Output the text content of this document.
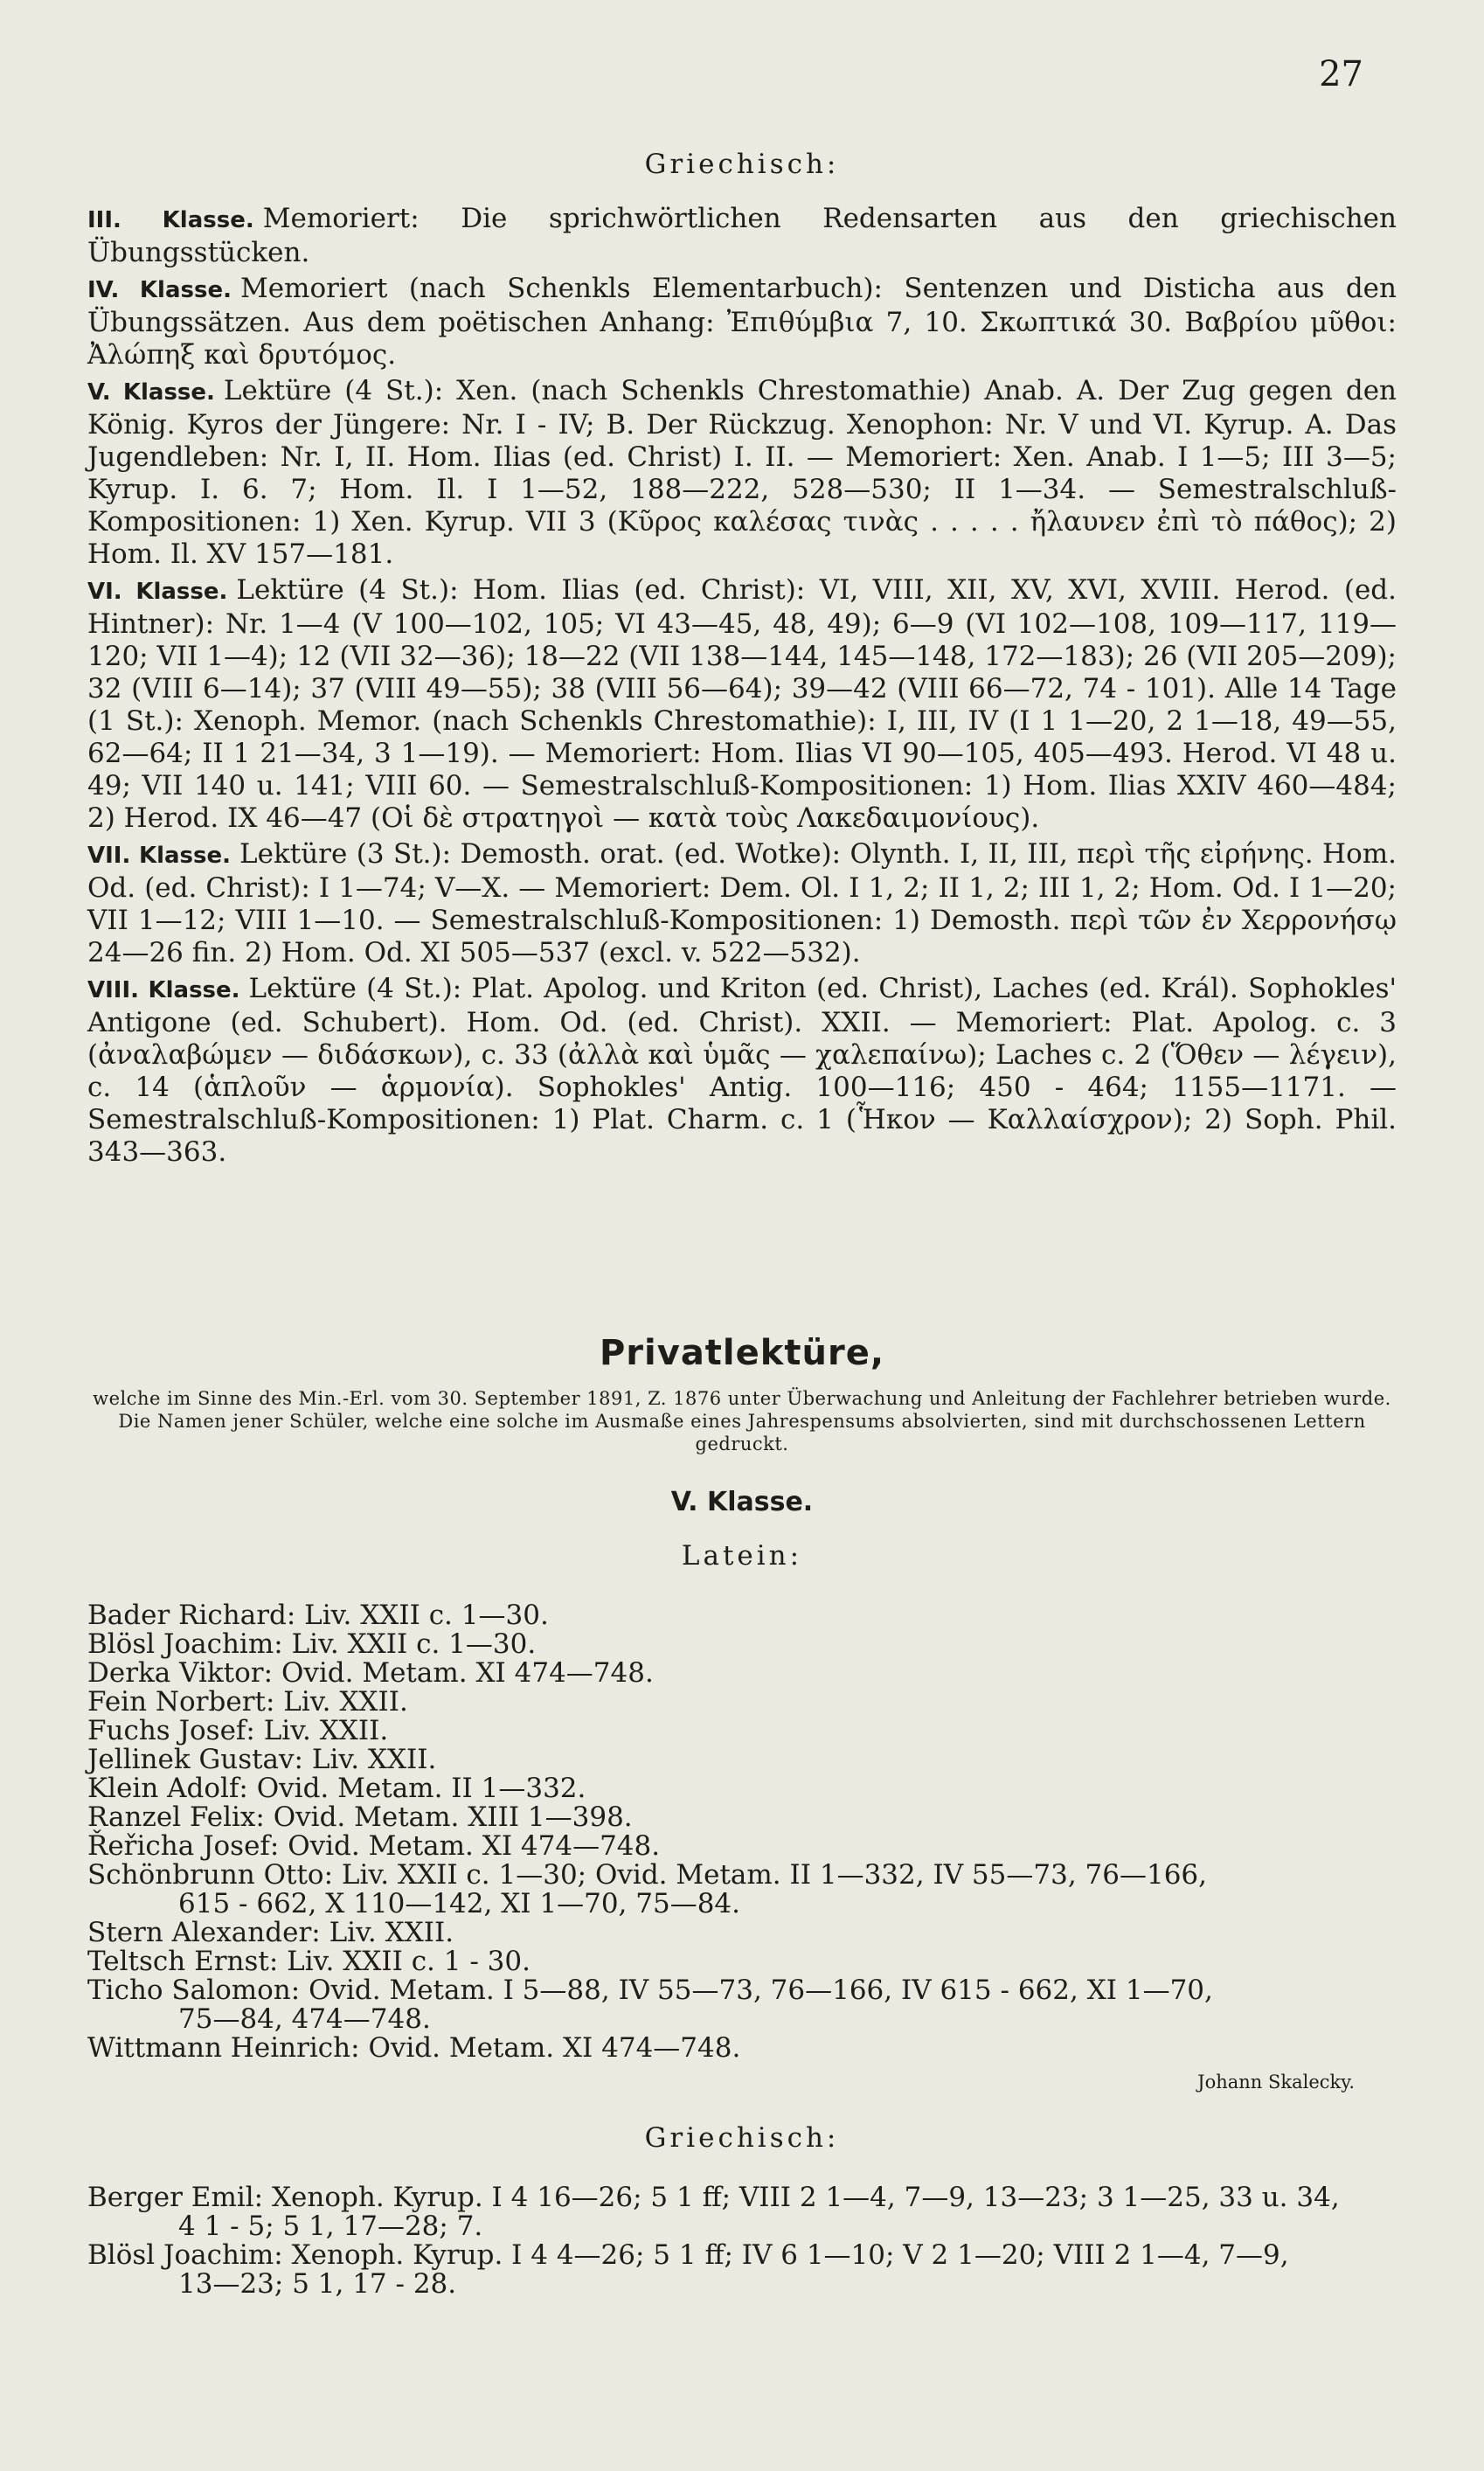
27
Griechisch:

III. Klasse. Memoriert: Die sprichwörtlichen Redensarten aus den griechischen Übungsstücken.

IV. Klasse. Memoriert (nach Schenkls Elementarbuch): Sentenzen und Disticha aus den Übungssätzen. Aus dem poëtischen Anhang: Ἐπιθύμβια 7, 10. Σκωπτικά 30. Βαβρίου μῦθοι: Ἀλώπηξ καὶ δρυτόμος.

V. Klasse. Lektüre (4 St.): Xen. (nach Schenkls Chrestomathie) Anab. A. Der Zug gegen den König. Kyros der Jüngere: Nr. I - IV; B. Der Rückzug. Xenophon: Nr. V und VI. Kyrup. A. Das Jugendleben: Nr. I, II. Hom. Ilias (ed. Christ) I. II. — Memoriert: Xen. Anab. I 1—5; III 3—5; Kyrup. I. 6. 7; Hom. Il. I 1—52, 188—222, 528—530; II 1—34. — Semestralschluß-Kompositionen: 1) Xen. Kyrup. VII 3 (Κῦρος καλέσας τινὰς . . . . . ἤλαυνεν ἐπὶ τὸ πάθος); 2) Hom. Il. XV 157—181.

VI. Klasse. Lektüre (4 St.): Hom. Ilias (ed. Christ): VI, VIII, XII, XV, XVI, XVIII. Herod. (ed. Hintner): Nr. 1—4 (V 100—102, 105; VI 43—45, 48, 49); 6—9 (VI 102—108, 109—117, 119—120; VII 1—4); 12 (VII 32—36); 18—22 (VII 138—144, 145—148, 172—183); 26 (VII 205—209); 32 (VIII 6—14); 37 (VIII 49—55); 38 (VIII 56—64); 39—42 (VIII 66—72, 74 - 101). Alle 14 Tage (1 St.): Xenoph. Memor. (nach Schenkls Chrestomathie): I, III, IV (I 1 1—20, 2 1—18, 49—55, 62—64; II 1 21—34, 3 1—19). — Memoriert: Hom. Ilias VI 90—105, 405—493. Herod. VI 48 u. 49; VII 140 u. 141; VIII 60. — Semestralschluß-Kompositionen: 1) Hom. Ilias XXIV 460—484; 2) Herod. IX 46—47 (Οἱ δὲ στρατηγοὶ — κατὰ τοὺς Λακεδαιμονίους).

VII. Klasse. Lektüre (3 St.): Demosth. orat. (ed. Wotke): Olynth. I, II, III, περὶ τῆς εἰρήνης. Hom. Od. (ed. Christ): I 1—74; V—X. — Memoriert: Dem. Ol. I 1, 2; II 1, 2; III 1, 2; Hom. Od. I 1—20; VII 1—12; VIII 1—10. — Semestralschluß-Kompositionen: 1) Demosth. περὶ τῶν ἐν Χερρονήσῳ 24—26 fin. 2) Hom. Od. XI 505—537 (excl. v. 522—532).

VIII. Klasse. Lektüre (4 St.): Plat. Apolog. und Kriton (ed. Christ), Laches (ed. Král). Sophokles' Antigone (ed. Schubert). Hom. Od. (ed. Christ). XXII. — Memoriert: Plat. Apolog. c. 3 (ἀναλαβώμεν — διδάσκων), c. 33 (ἀλλὰ καὶ ὑμᾶς — χαλεπαίνω); Laches c. 2 (Ὅθεν — λέγειν), c. 14 (ἁπλοῦν — ἁρμονία). Sophokles' Antig. 100—116; 450 - 464; 1155—1171. — Semestralschluß-Kompositionen: 1) Plat. Charm. c. 1 (Ἧκον — Καλλαίσχρον); 2) Soph. Phil. 343—363.

Privatlektüre,
welche im Sinne des Min.-Erl. vom 30. September 1891, Z. 1876 unter Überwachung und Anleitung der Fachlehrer betrieben wurde. Die Namen jener Schüler, welche eine solche im Ausmaße eines Jahrespensums absolvierten, sind mit durchschossenen Lettern gedruckt.
V. Klasse.
Latein:
Bader Richard: Liv. XXII c. 1—30.
Blösl Joachim: Liv. XXII c. 1—30.
Derka Viktor: Ovid. Metam. XI 474—748.
Fein Norbert: Liv. XXII.
Fuchs Josef: Liv. XXII.
Jellinek Gustav: Liv. XXII.
Klein Adolf: Ovid. Metam. II 1—332.
Ranzel Felix: Ovid. Metam. XIII 1—398.
Řeřicha Josef: Ovid. Metam. XI 474—748.
Schönbrunn Otto: Liv. XXII c. 1—30; Ovid. Metam. II 1—332, IV 55—73, 76—166,
615 - 662, X 110—142, XI 1—70, 75—84.
Stern Alexander: Liv. XXII.
Teltsch Ernst: Liv. XXII c. 1 - 30.
Ticho Salomon: Ovid. Metam. I 5—88, IV 55—73, 76—166, IV 615 - 662, XI 1—70,
75—84, 474—748.
Wittmann Heinrich: Ovid. Metam. XI 474—748.
Johann Skalecky.
Griechisch:
Berger Emil: Xenoph. Kyrup. I 4 16—26; 5 1 ff; VIII 2 1—4, 7—9, 13—23; 3 1—25, 33 u. 34,
4 1 - 5; 5 1, 17—28; 7.
Blösl Joachim: Xenoph. Kyrup. I 4 4—26; 5 1 ff; IV 6 1—10; V 2 1—20; VIII 2 1—4, 7—9,
13—23; 5 1, 17 - 28.
